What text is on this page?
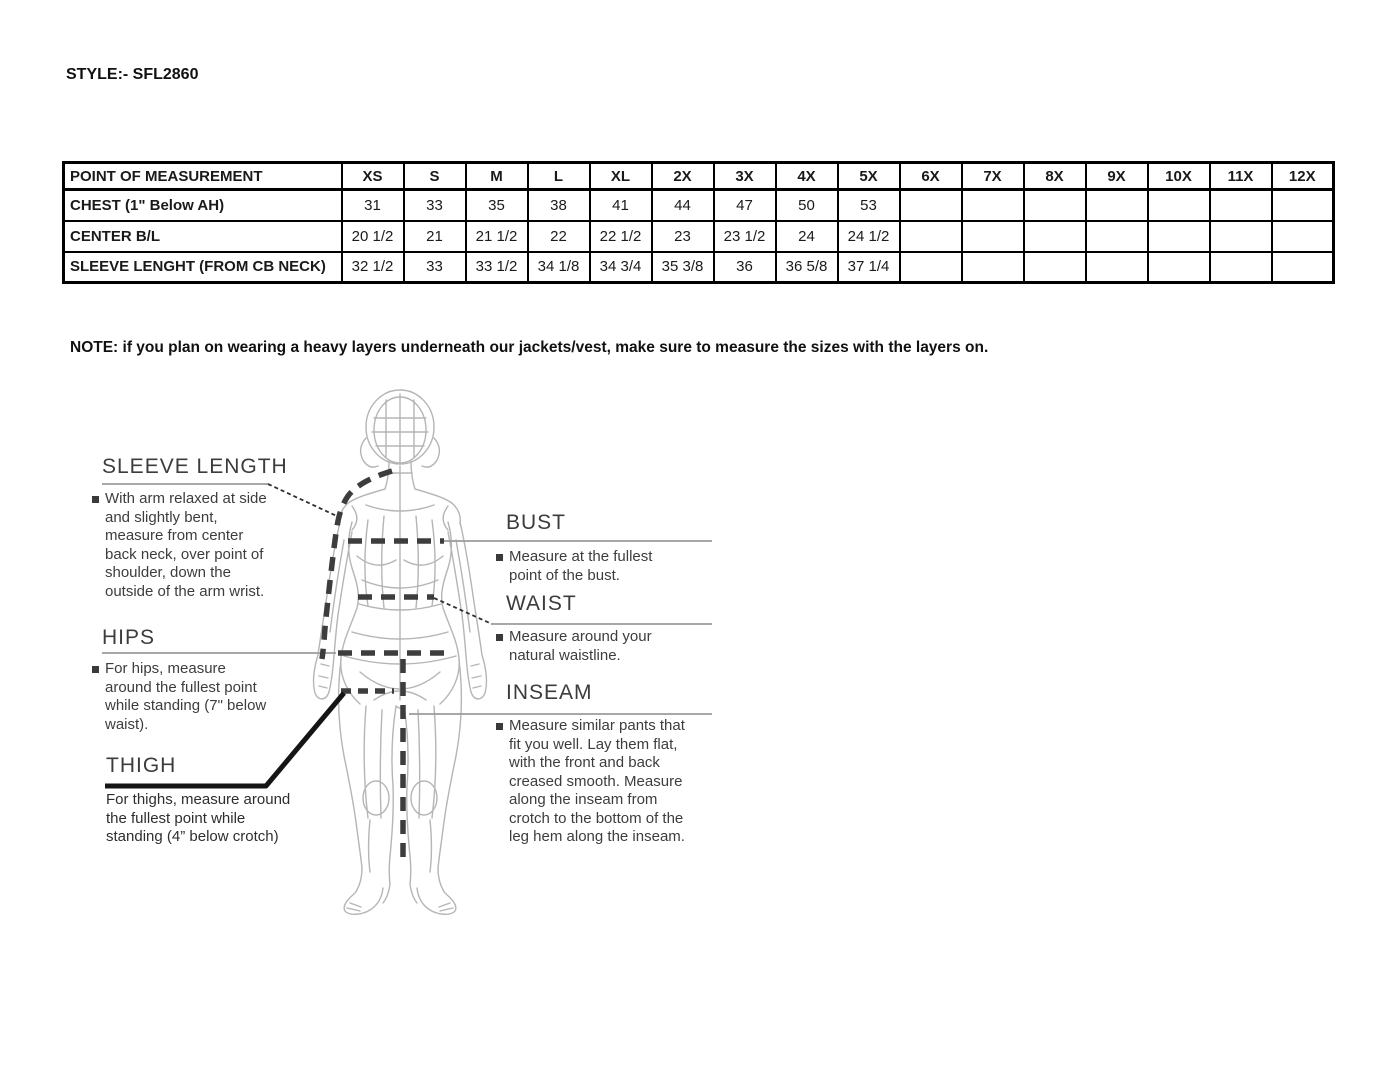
STYLE:- SFL2860
POINT OF MEASUREMENT	XS	S	M	L	XL	2X	3X	4X	5X	6X	7X	8X	9X	10X	11X	12X
CHEST (1" Below AH)	31	33	35	38	41	44	47	50	53							
CENTER B/L	20 1/2	21	21 1/2	22	22 1/2	23	23 1/2	24	24 1/2							
SLEEVE LENGHT (FROM CB NECK)	32 1/2	33	33 1/2	34 1/8	34 3/4	35 3/8	36	36 5/8	37 1/4							
NOTE: if you plan on wearing a heavy layers underneath our jackets/vest, make sure to measure the sizes with the layers on.
SLEEVE LENGTH
With arm relaxed at side and slightly bent, measure from center back neck, over point of shoulder, down the outside of the arm wrist.
HIPS
For hips, measure around the fullest point while standing (7" below waist).
THIGH
For thighs, measure around the fullest point while standing (4” below crotch)
BUST
Measure at the fullest point of the bust.
WAIST
Measure around your natural waistline.
INSEAM
Measure similar pants that fit you well. Lay them flat, with the front and back creased smooth. Measure along the inseam from crotch to the bottom of the leg hem along the inseam.
